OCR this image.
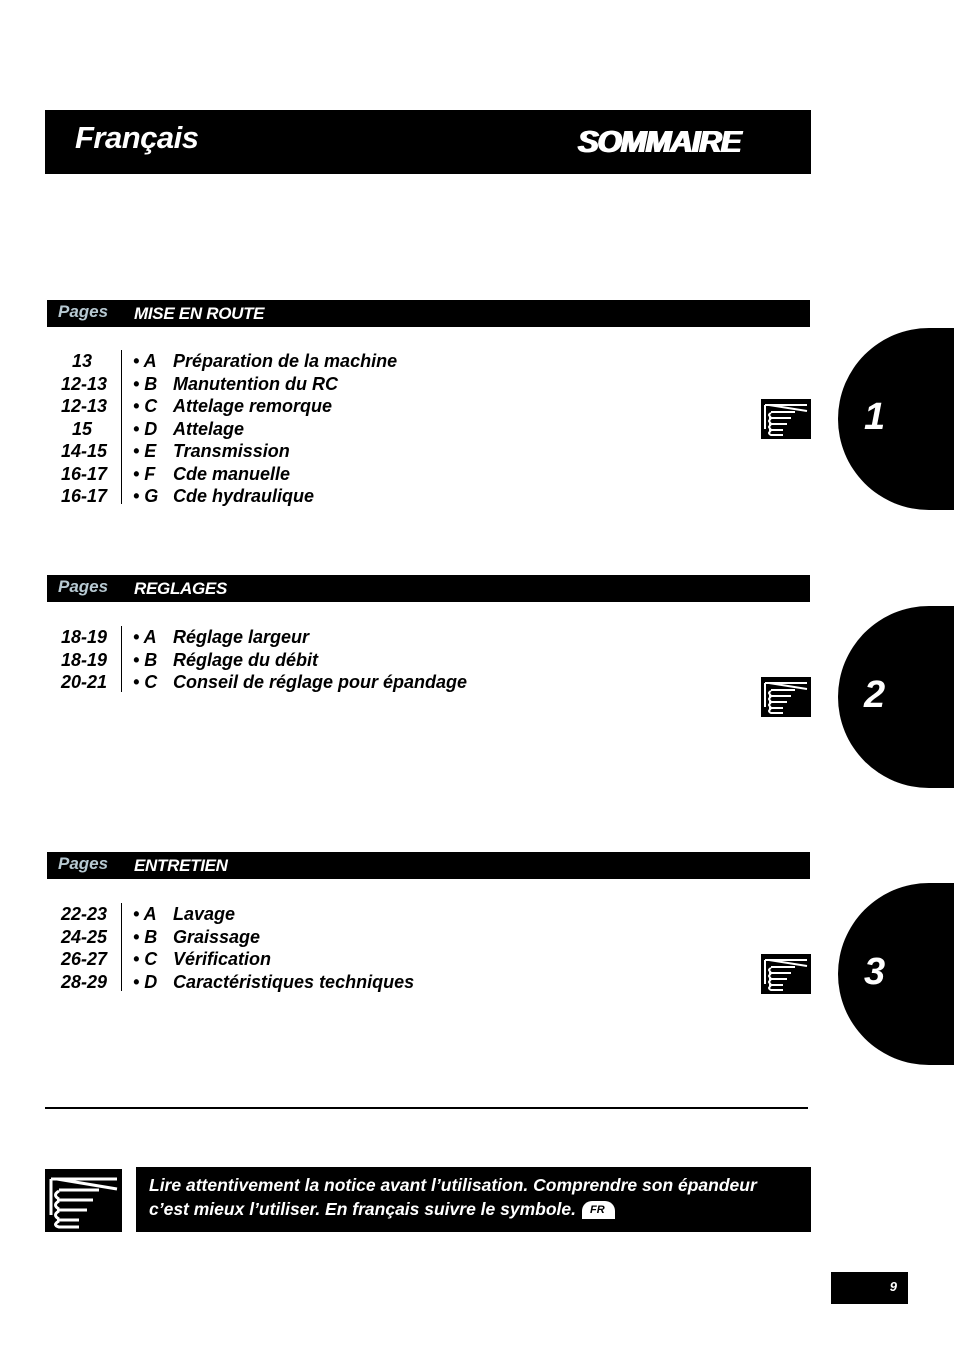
Français	SOMMAIRE
Pages MISE EN ROUTE
13	• A Préparation de la machine
12-13 • B Manutention du RC
12-13 • C Attelage remorque
15	• D Attelage
14-15 • E Transmission
16-17 • F Cde manuelle
16-17 • G Cde hydraulique
1
Pages REGLAGES
18-19 • A Réglage largeur
18-19 • B Réglage du débit
20-21 • C Conseil de réglage pour épandage	2
Pages ENTRETIEN
22-23 • A Lavage
24-25 • B Graissage
26-27 • C Vérification
28-29 • D Caractéristiques techniques	3
Lire attentivement la notice avant l’utilisation. Comprendre son épandeur
c’est mieux l’utiliser. En français suivre le symbole. FR
9
